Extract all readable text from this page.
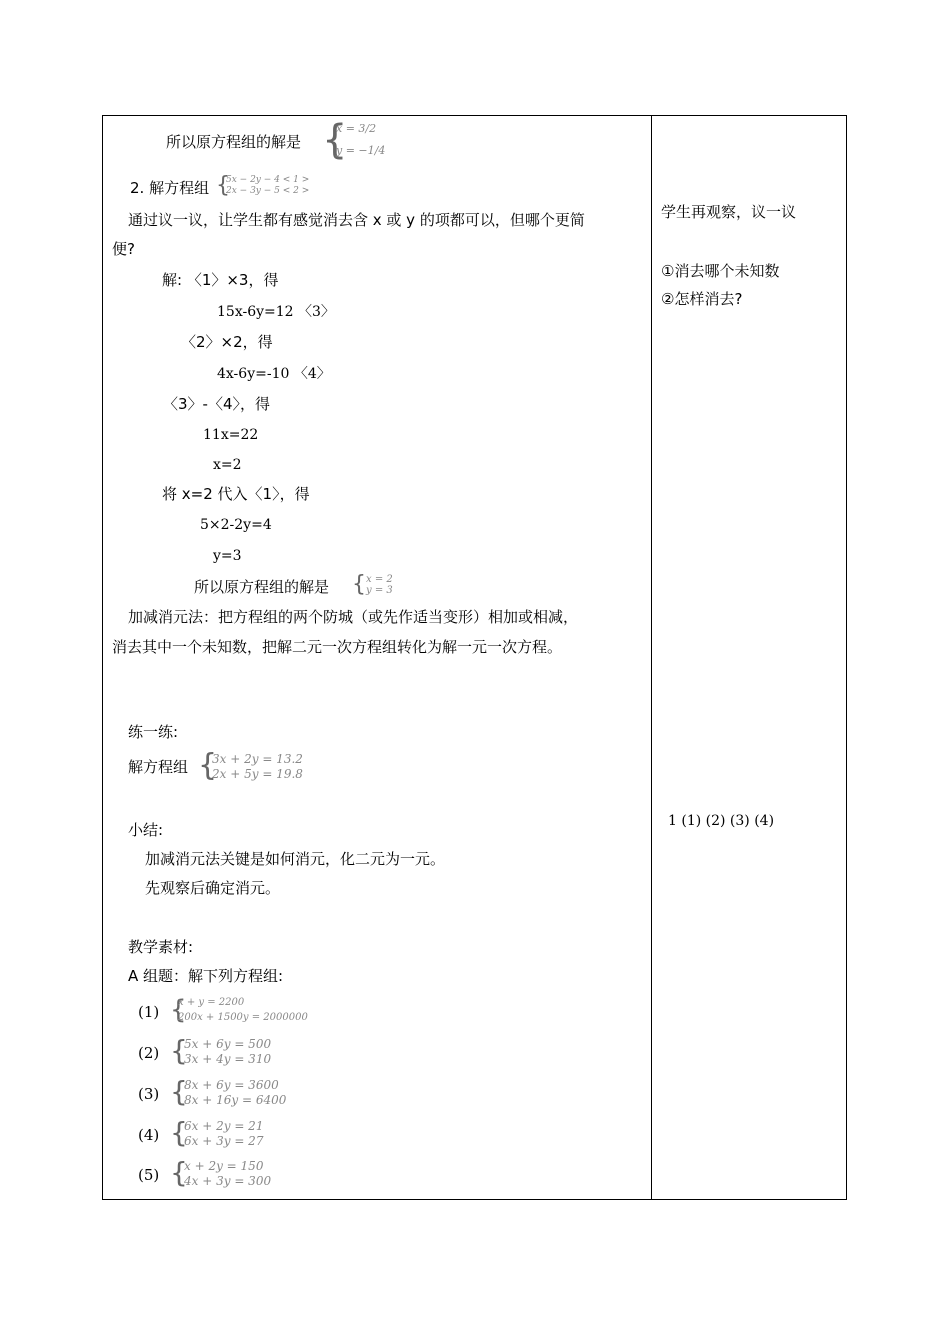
所以原方程组的解是 {
x = 3/2
y = −1/4
2. 解方程组 {
5x − 2y − 4 < 1 >
2x − 3y − 5 < 2 >
通过议一议，让学生都有感觉消去含 x 或 y 的项都可以，但哪个更简
便?
解: 〈1〉×3，得
15x-6y=12 〈3〉
〈2〉×2，得
4x-6y=-10 〈4〉
〈3〉-〈4〉，得
11x=22
x=2
将 x=2 代入〈1〉，得
5×2-2y=4
y=3
所以原方程组的解是 { x = 2
y = 3
加减消元法：把方程组的两个防城（或先作适当变形）相加或相减，
消去其中一个未知数，把解二元一次方程组转化为解一元一次方程。
练一练:
解方程组 {
3x + 2y = 13.2
2x + 5y = 19.8
小结:
加减消元法关键是如何消元，化二元为一元。
先观察后确定消元。
教学素材:
A 组题：解下列方程组:
(1) {
x + y = 2200
200x + 1500y = 2000000
(2) {
5x + 6y = 500
3x + 4y = 310
(3) {
8x + 6y = 3600
8x + 16y = 6400
(4) {
6x + 2y = 21
6x + 3y = 27
(5) {
x + 2y = 150
4x + 3y = 300
学生再观察，议一议
①消去哪个未知数
②怎样消去?
1 (1) (2) (3) (4)
